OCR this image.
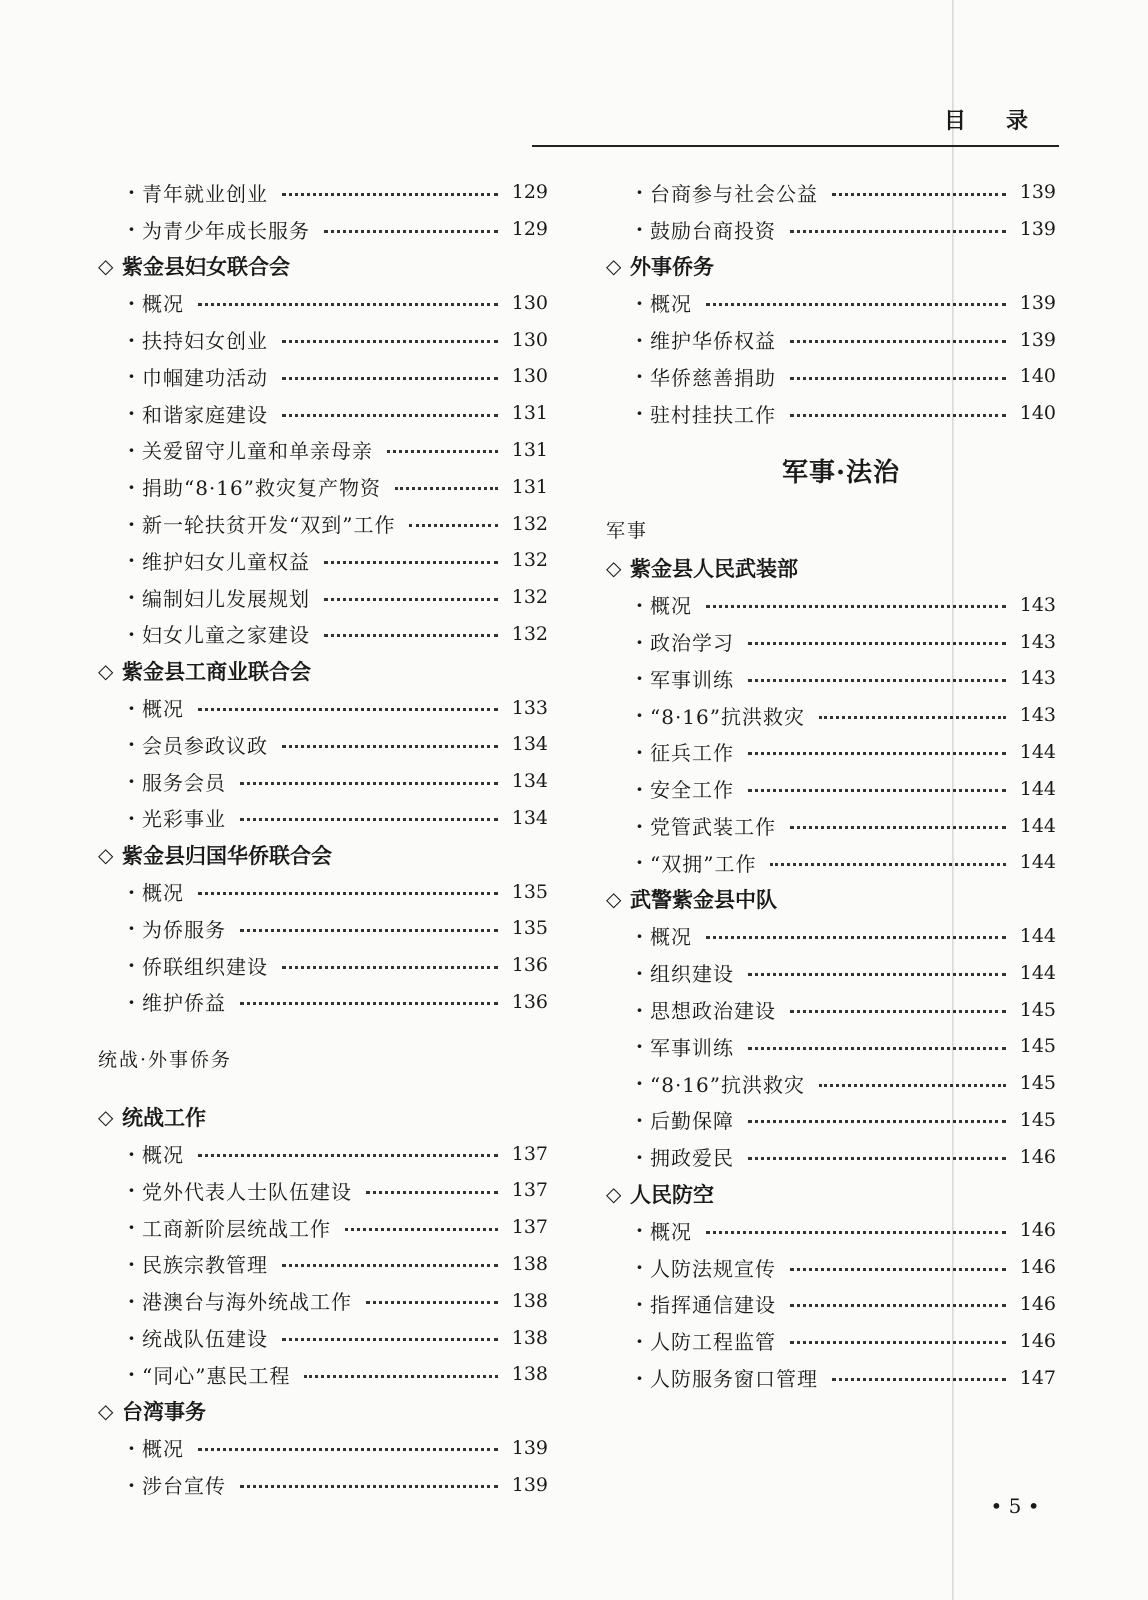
目录
· 青年就业创业	129
· 为青少年成长服务	129
◇ 紫金县妇女联合会
· 概况	130
· 扶持妇女创业	130
· 巾帼建功活动	130
· 和谐家庭建设	131
· 关爱留守儿童和单亲母亲	131
· 捐助“8·16”救灾复产物资	131
· 新一轮扶贫开发“双到”工作	132
· 维护妇女儿童权益	132
· 编制妇儿发展规划	132
· 妇女儿童之家建设	132
◇ 紫金县工商业联合会
· 概况	133
· 会员参政议政	134
· 服务会员	134
· 光彩事业	134
◇ 紫金县归国华侨联合会
· 概况	135
· 为侨服务	135
· 侨联组织建设	136
· 维护侨益	136
统战·外事侨务
◇ 统战工作
· 概况	137
· 党外代表人士队伍建设	137
· 工商新阶层统战工作	137
· 民族宗教管理	138
· 港澳台与海外统战工作	138
· 统战队伍建设	138
· “同心”惠民工程	138
◇ 台湾事务
· 概况	139
· 涉台宣传	139
· 台商参与社会公益	139
· 鼓励台商投资	139
◇ 外事侨务
· 概况	139
· 维护华侨权益	139
· 华侨慈善捐助	140
· 驻村挂扶工作	140
军事·法治
军事
◇ 紫金县人民武装部
· 概况	143
· 政治学习	143
· 军事训练	143
· “8·16”抗洪救灾	143
· 征兵工作	144
· 安全工作	144
· 党管武装工作	144
· “双拥”工作	144
◇ 武警紫金县中队
· 概况	144
· 组织建设	144
· 思想政治建设	145
· 军事训练	145
· “8·16”抗洪救灾	145
· 后勤保障	145
· 拥政爱民	146
◇ 人民防空
· 概况	146
· 人防法规宣传	146
· 指挥通信建设	146
· 人防工程监管	146
· 人防服务窗口管理	147
• 5 •
